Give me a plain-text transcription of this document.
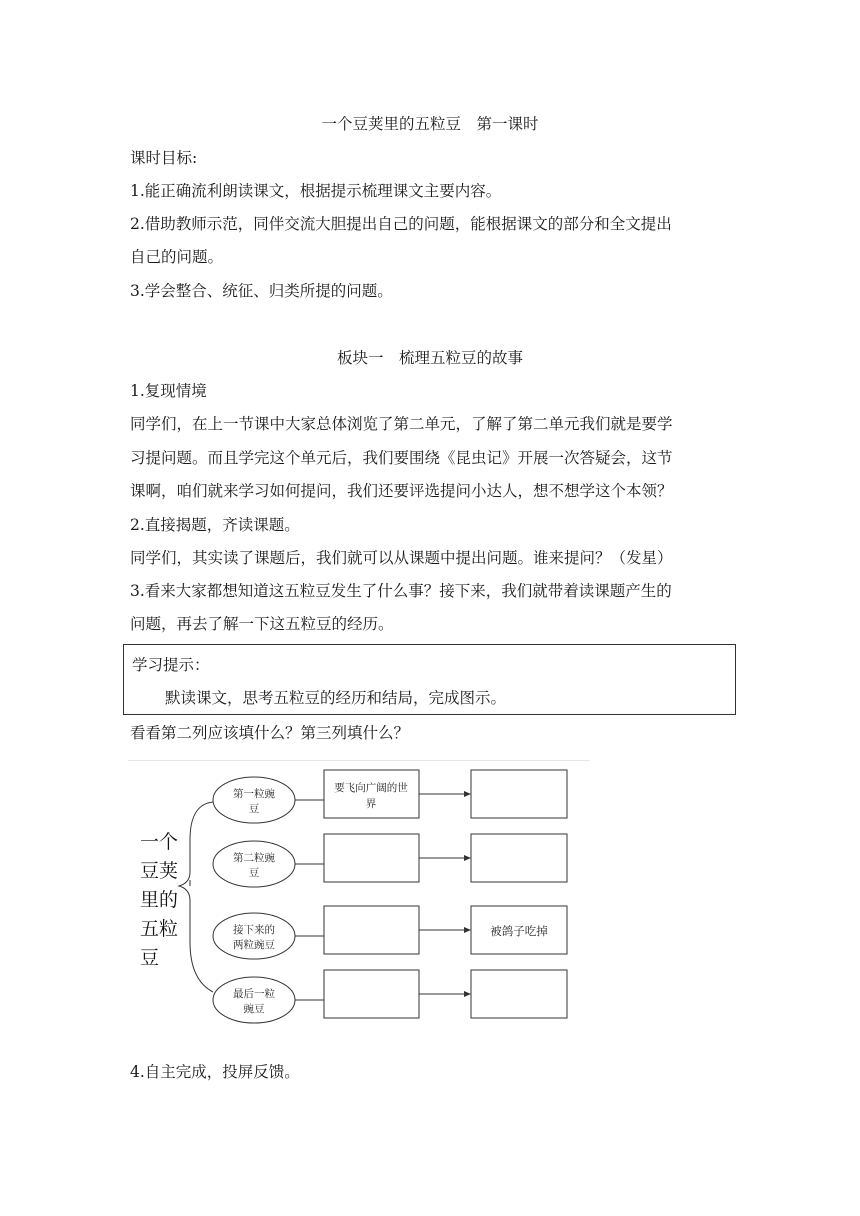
一个豆荚里的五粒豆　第一课时
课时目标:
1.能正确流利朗读课文，根据提示梳理课文主要内容。
2.借助教师示范，同伴交流大胆提出自己的问题，能根据课文的部分和全文提出
自己的问题。
3.学会整合、统征、归类所提的问题。
板块一　梳理五粒豆的故事
1.复现情境
同学们，在上一节课中大家总体浏览了第二单元，了解了第二单元我们就是要学
习提问题。而且学完这个单元后，我们要围绕《昆虫记》开展一次答疑会，这节
课啊，咱们就来学习如何提问，我们还要评选提问小达人，想不想学这个本领？
2.直接揭题，齐读课题。
同学们，其实读了课题后，我们就可以从课题中提出问题。谁来提问？（发星）
3.看来大家都想知道这五粒豆发生了什么事？接下来，我们就带着读课题产生的
问题，再去了解一下这五粒豆的经历。
学习提示：
默读课文，思考五粒豆的经历和结局，完成图示。
看看第二列应该填什么？第三列填什么？
一个
豆荚
里的
五粒
豆
第一粒豌
豆
要飞向广阔的世
界
第二粒豌
豆
接下来的
两粒豌豆
被鸽子吃掉
最后一粒
豌豆
4.自主完成，投屏反馈。
